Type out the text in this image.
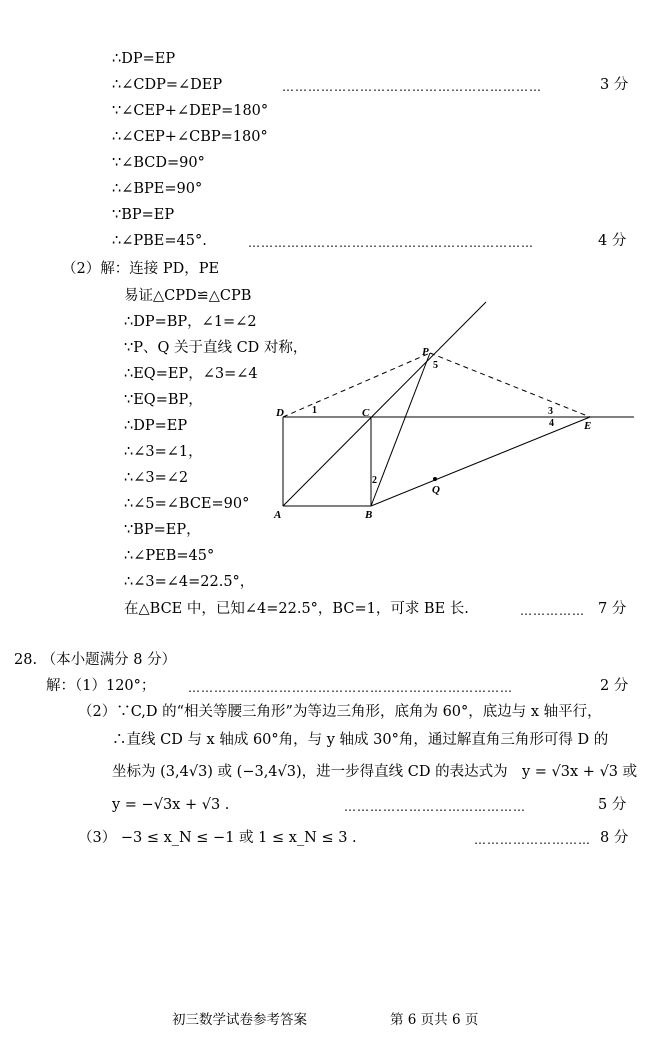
∴DP=EP
∴∠CDP=∠DEP	……………………………………………………	3 分
∵∠CEP+∠DEP=180°
∴∠CEP+∠CBP=180°
∵∠BCD=90°
∴∠BPE=90°
∵BP=EP
∴∠PBE=45°.	…………………………………………………………	4 分
（2）解：连接 PD，PE
易证△CPD≌△CPB
∴DP=BP，∠1=∠2
∵P、Q 关于直线 CD 对称，
∴EQ=EP，∠3=∠4
∵EQ=BP，
∴DP=EP
∴∠3=∠1，
∴∠3=∠2
∴∠5=∠BCE=90°
∵BP=EP，
∴∠PEB=45°
∴∠3=∠4=22.5°，
在△BCE 中，已知∠4=22.5°，BC=1，可求 BE 长.	…………… 7 分
P
D	C
E
A	B
Q
1
2
3
4
5
28. （本小题满分 8 分）
解：（1）120°；	…………………………………………………………………	2 分
（2）∵C,D 的“相关等腰三角形”为等边三角形，底角为 60°，底边与 x 轴平行，
∴直线 CD 与 x 轴成 60°角，与 y 轴成 30°角，通过解直角三角形可得 D 的
坐标为 (3,4√3) 或 (−3,4√3)，进一步得直线 CD 的表达式为 y = √3x + √3 或
y = −√3x + √3 .	……………………………………	5 分
（3） −3 ≤ x_N ≤ −1 或 1 ≤ x_N ≤ 3 .	……………………… 8 分
初三数学试卷参考答案	第 6 页共 6 页
